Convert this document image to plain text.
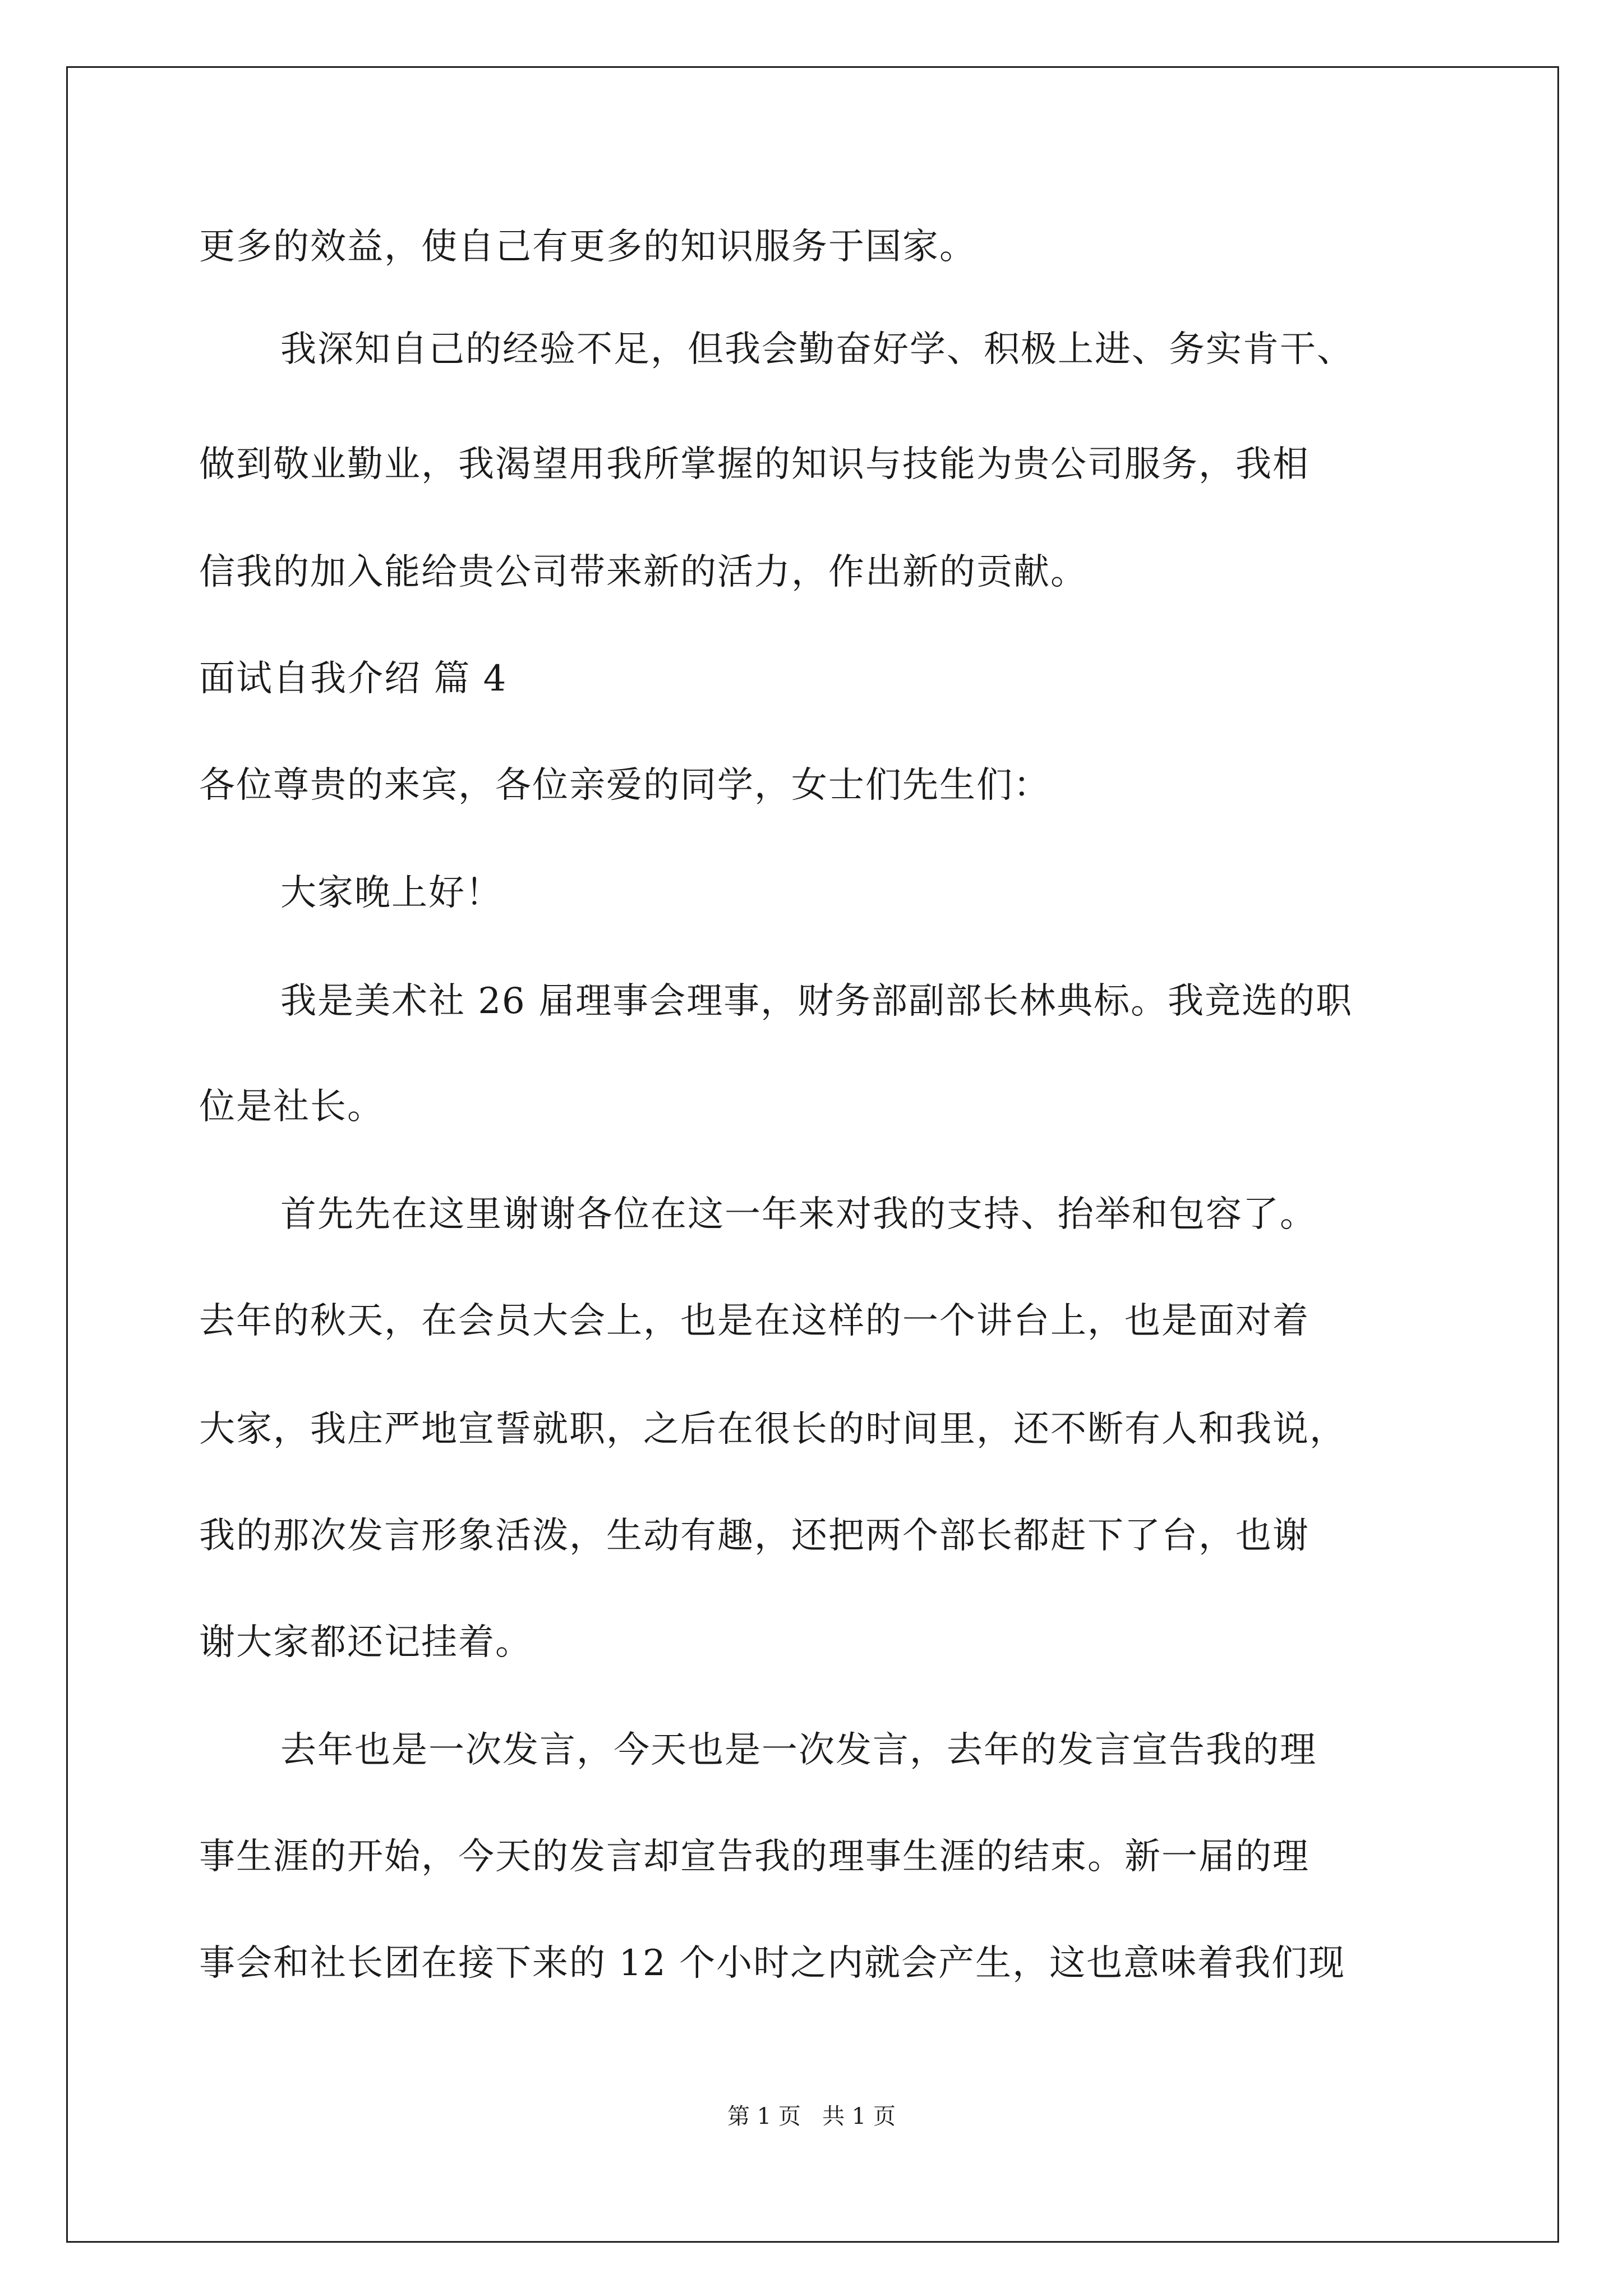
更多的效益，使自己有更多的知识服务于国家。
我深知自己的经验不足，但我会勤奋好学、积极上进、务实肯干、
做到敬业勤业，我渴望用我所掌握的知识与技能为贵公司服务，我相
信我的加入能给贵公司带来新的活力，作出新的贡献。
面试自我介绍 篇 4
各位尊贵的来宾，各位亲爱的同学，女士们先生们：
大家晚上好！
我是美术社 26 届理事会理事，财务部副部长林典标。我竞选的职
位是社长。
首先先在这里谢谢各位在这一年来对我的支持、抬举和包容了。
去年的秋天，在会员大会上，也是在这样的一个讲台上，也是面对着
大家，我庄严地宣誓就职，之后在很长的时间里，还不断有人和我说，
我的那次发言形象活泼，生动有趣，还把两个部长都赶下了台，也谢
谢大家都还记挂着。
去年也是一次发言，今天也是一次发言，去年的发言宣告我的理
事生涯的开始，今天的发言却宣告我的理事生涯的结束。新一届的理
事会和社长团在接下来的 12 个小时之内就会产生，这也意味着我们现
第 1 页   共 1 页
